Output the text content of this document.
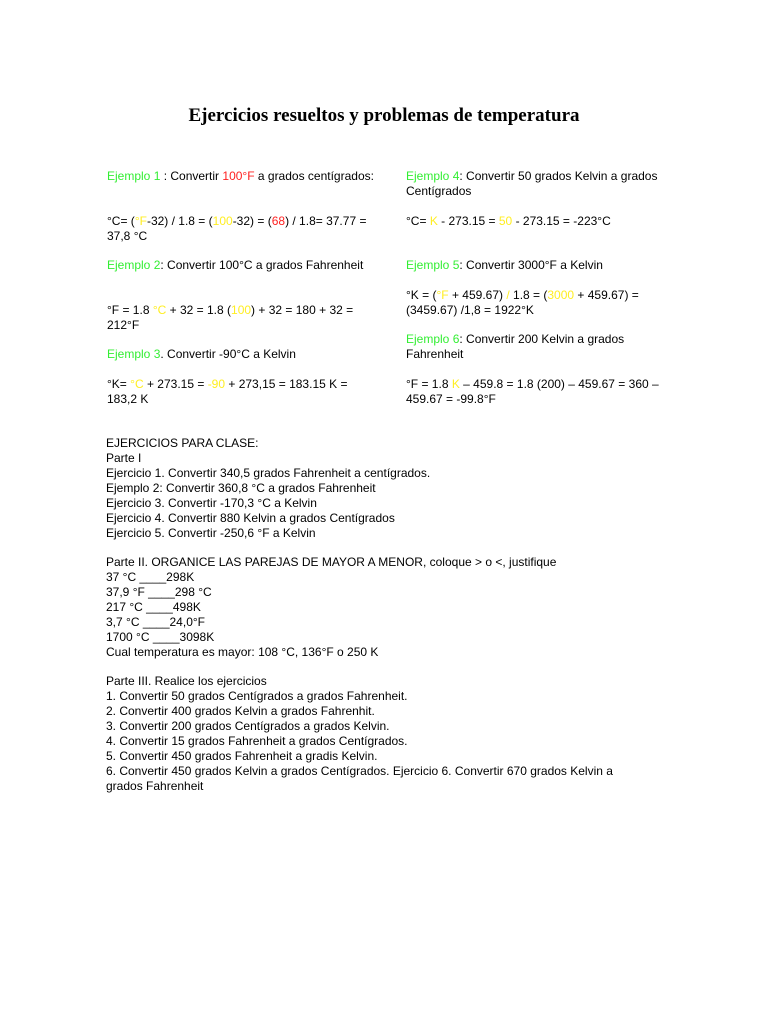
Ejercicios resueltos y problemas de temperatura
Ejemplo 1 : Convertir 100°F a grados centígrados:
°C= (°F-32) / 1.8 = (100-32) = (68) / 1.8= 37.77 = 37,8 °C
Ejemplo 2: Convertir 100°C a grados Fahrenheit
°F = 1.8 °C + 32 = 1.8 (100) + 32 = 180 + 32 = 212°F
Ejemplo 3. Convertir -90°C a Kelvin
°K= °C + 273.15 = -90 + 273,15 = 183.15 K = 183,2 K
Ejemplo 4: Convertir 50 grados Kelvin a grados Centígrados
°C= K - 273.15 = 50 - 273.15 = -223°C
Ejemplo 5: Convertir 3000°F a Kelvin
°K = (°F + 459.67) / 1.8 = (3000 + 459.67) = (3459.67) /1,8 = 1922°K
Ejemplo 6: Convertir 200 Kelvin a grados Fahrenheit
°F = 1.8 K – 459.8 = 1.8 (200) – 459.67 = 360 – 459.67 = -99.8°F
EJERCICIOS PARA CLASE:
Parte I
Ejercicio 1. Convertir 340,5 grados Fahrenheit a centígrados.
Ejemplo 2: Convertir 360,8 °C a grados Fahrenheit
Ejercicio 3. Convertir -170,3 °C a Kelvin
Ejercicio 4. Convertir 880 Kelvin a grados Centígrados
Ejercicio 5. Convertir -250,6 °F a Kelvin
Parte II. ORGANICE LAS PAREJAS DE MAYOR A MENOR, coloque > o <, justifique
37 °C ____298K
37,9 °F ____298 °C
217 °C ____498K
3,7 °C ____24,0°F
1700 °C ____3098K
Cual temperatura es mayor: 108 °C, 136°F o 250 K
Parte III. Realice los ejercicios
1. Convertir 50 grados Centígrados a grados Fahrenheit.
2. Convertir 400 grados Kelvin a grados Fahrenhit.
3. Convertir 200 grados Centígrados a grados Kelvin.
4. Convertir 15 grados Fahrenheit a grados Centígrados.
5. Convertir 450 grados Fahrenheit a gradis Kelvin.
6. Convertir 450 grados Kelvin a grados Centígrados. Ejercicio 6. Convertir 670 grados Kelvin a grados Fahrenheit
